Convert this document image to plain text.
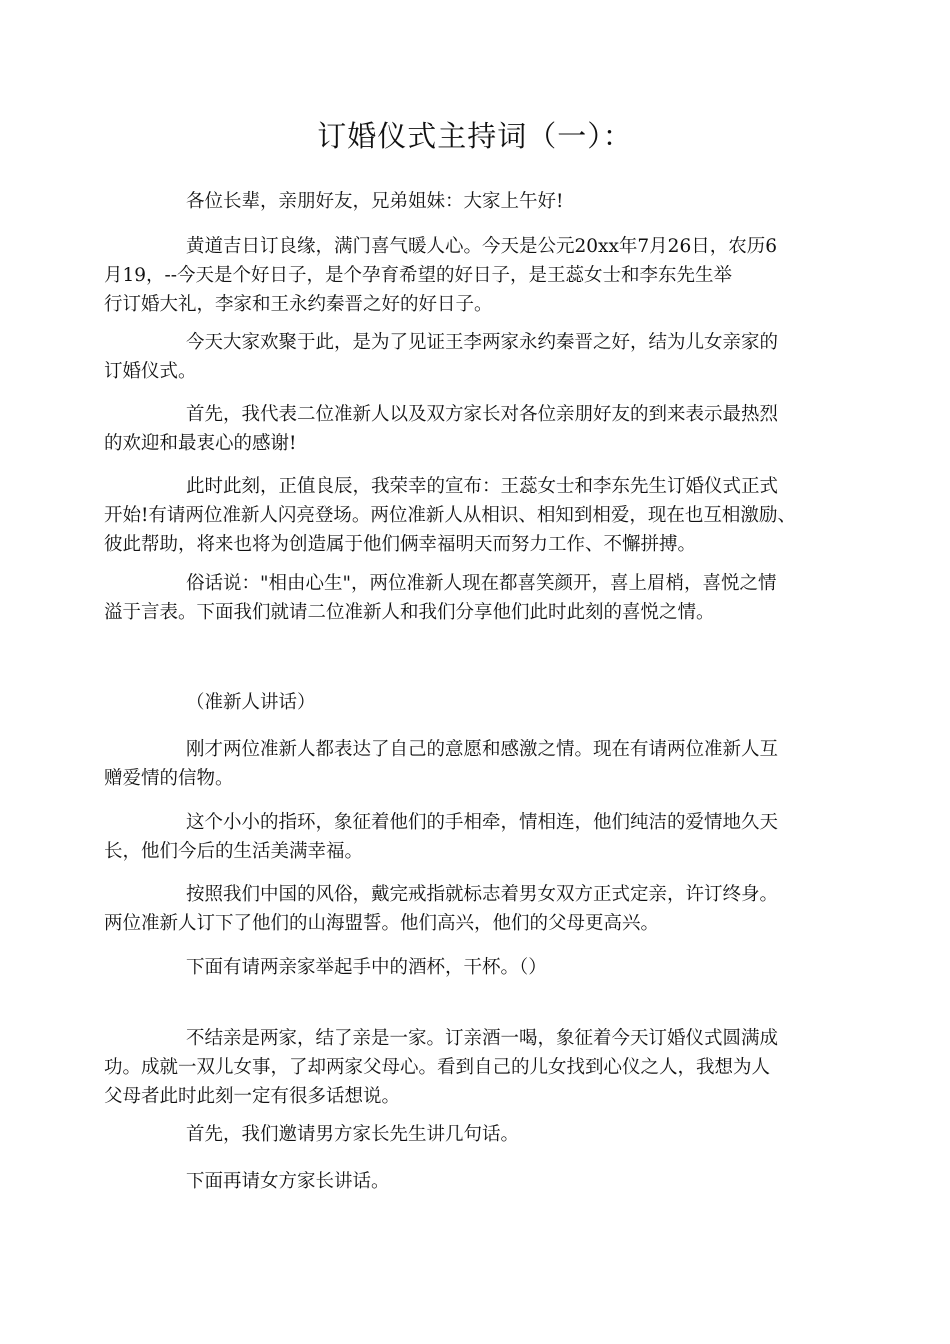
订婚仪式主持词（一）：
各位长辈，亲朋好友，兄弟姐妹：大家上午好!
黄道吉日订良缘，满门喜气暖人心。今天是公元20xx年7月26日，农历6
月19，--今天是个好日子，是个孕育希望的好日子，是王蕊女士和李东先生举
行订婚大礼，李家和王永约秦晋之好的好日子。
今天大家欢聚于此，是为了见证王李两家永约秦晋之好，结为儿女亲家的
订婚仪式。
首先，我代表二位准新人以及双方家长对各位亲朋好友的到来表示最热烈
的欢迎和最衷心的感谢!
此时此刻，正值良辰，我荣幸的宣布：王蕊女士和李东先生订婚仪式正式
开始!有请两位准新人闪亮登场。两位准新人从相识、相知到相爱，现在也互相激励、
彼此帮助，将来也将为创造属于他们俩幸福明天而努力工作、不懈拼搏。
俗话说："相由心生"，两位准新人现在都喜笑颜开，喜上眉梢，喜悦之情
溢于言表。下面我们就请二位准新人和我们分享他们此时此刻的喜悦之情。
（准新人讲话）
刚才两位准新人都表达了自己的意愿和感激之情。现在有请两位准新人互
赠爱情的信物。
这个小小的指环，象征着他们的手相牵，情相连，他们纯洁的爱情地久天
长，他们今后的生活美满幸福。
按照我们中国的风俗，戴完戒指就标志着男女双方正式定亲，许订终身。
两位准新人订下了他们的山海盟誓。他们高兴，他们的父母更高兴。
下面有请两亲家举起手中的酒杯，干杯。（）
不结亲是两家，结了亲是一家。订亲酒一喝，象征着今天订婚仪式圆满成
功。成就一双儿女事，了却两家父母心。看到自己的儿女找到心仪之人，我想为人
父母者此时此刻一定有很多话想说。
首先，我们邀请男方家长先生讲几句话。
下面再请女方家长讲话。
